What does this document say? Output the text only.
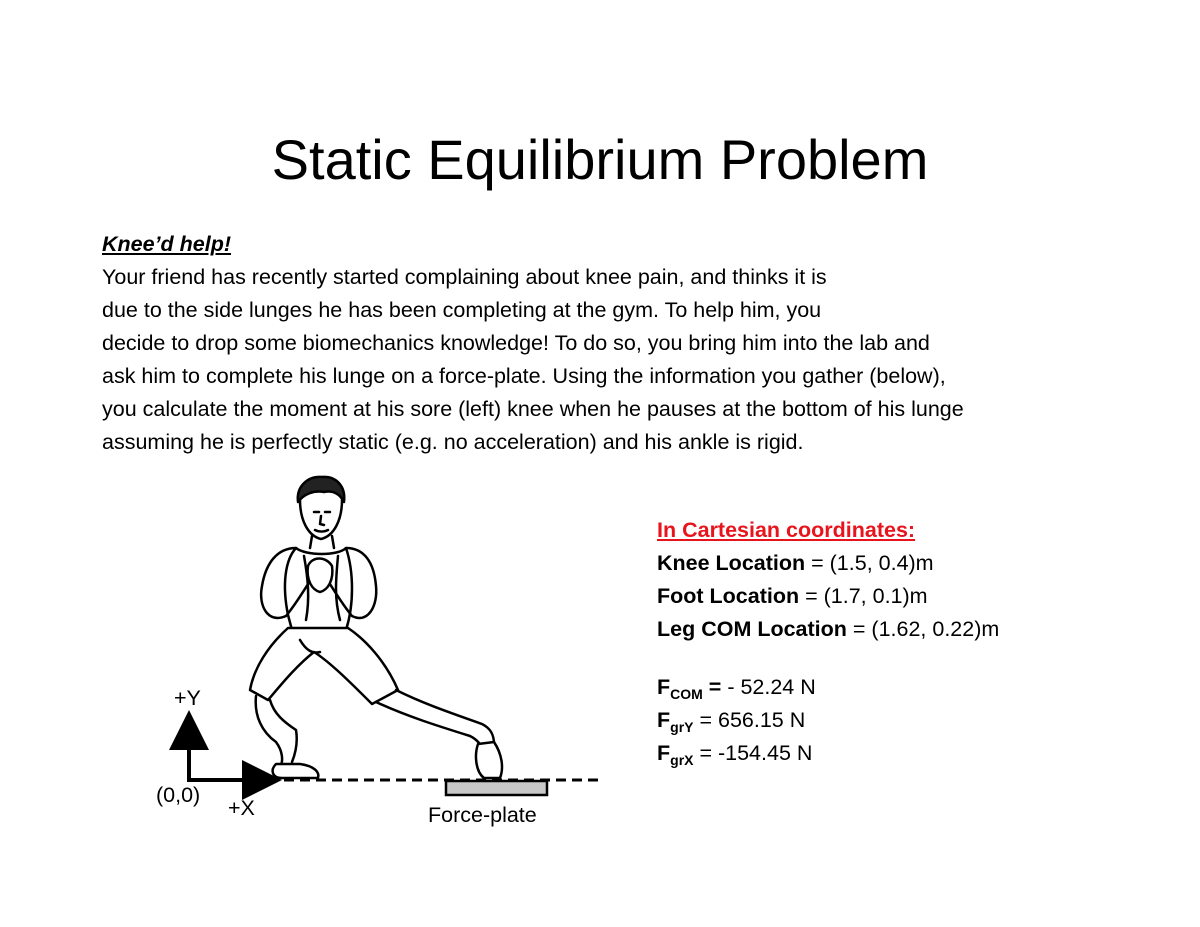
Static Equilibrium Problem
Knee’d help!
Your friend has recently started complaining about knee pain, and thinks it is
due to the side lunges he has been completing at the gym. To help him, you
decide to drop some biomechanics knowledge! To do so, you bring him into the lab and
ask him to complete his lunge on a force-plate. Using the information you gather (below),
you calculate the moment at his sore (left) knee when he pauses at the bottom of his lunge
assuming he is perfectly static (e.g. no acceleration) and his ankle is rigid.
+Y
(0,0)
+X	Force-plate
In Cartesian coordinates:
Knee Location = (1.5, 0.4)m
Foot Location = (1.7, 0.1)m
Leg COM Location = (1.62, 0.22)m
$F_{COM}$ = - 52.24 N
$F_{grY} = 656.15$ N
$F_{grX} = -154.45$ N
